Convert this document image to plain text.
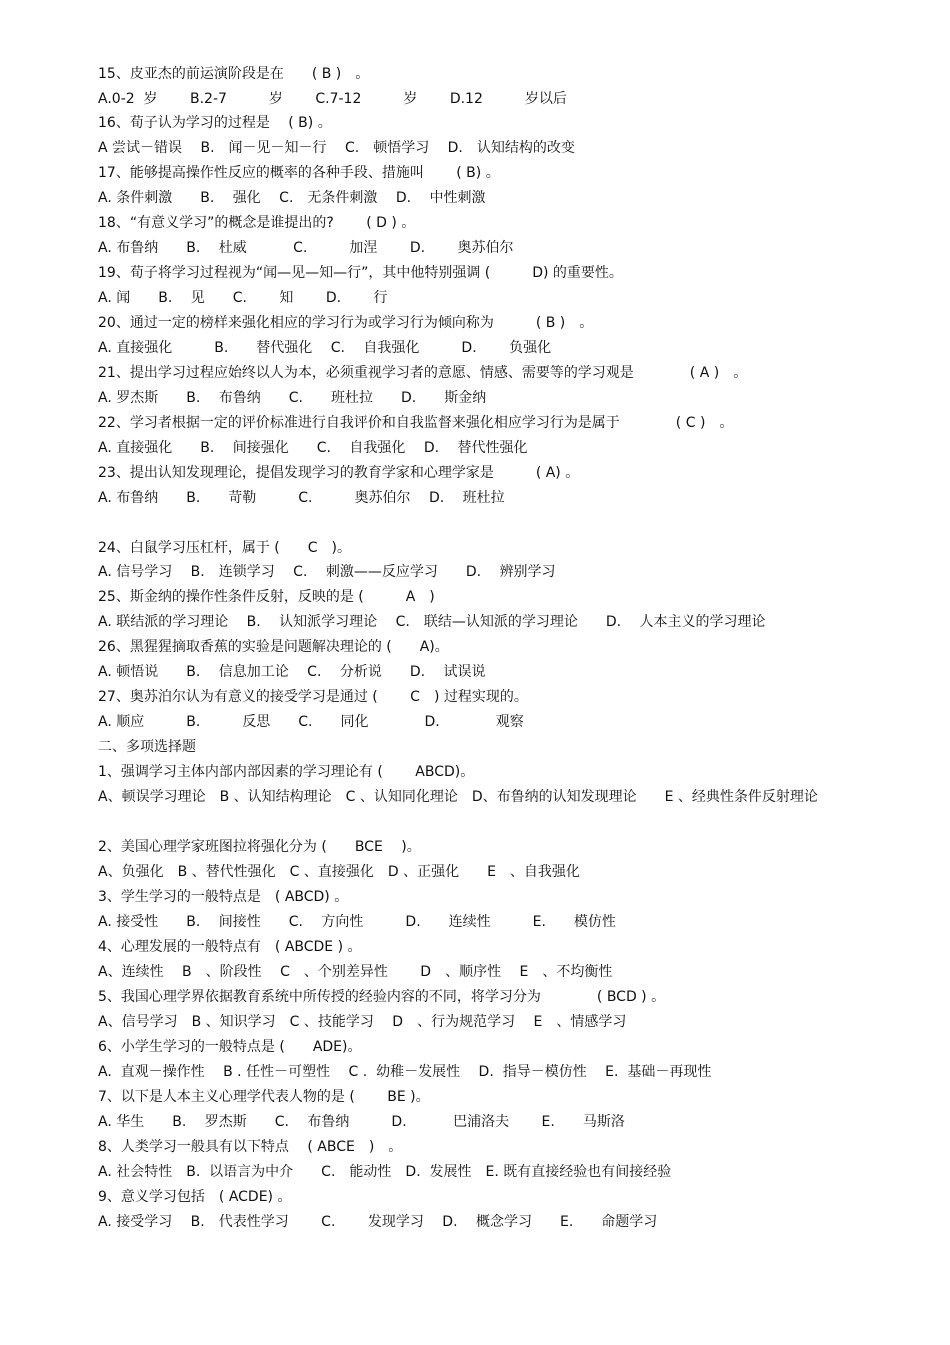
15、皮亚杰的前运演阶段是在　　( B )　。
A.0-2  岁　　 B.2-7　　　岁　　 C.7-12　　　岁　　 D.12　　　岁以后
16、荀子认为学习的过程是　 ( B) 。
A 尝试－错误　 B.　闻－见－知－行　 C.　顿悟学习　 D.　认知结构的改变
17、能够提高操作性反应的概率的各种手段、措施叫　　 ( B) 。
A. 条件刺激　　B.　 强化　 C.　无条件刺激　 D.　 中性刺激
18、“有意义学习”的概念是谁提出的?　　 ( D ) 。
A. 布鲁纳　　B.　 杜威　　　 C.　　　加涅　　 D.　　 奥苏伯尔
19、荀子将学习过程视为“闻—见—知—行”，其中他特别强调 (　　　D) 的重要性。
A. 闻　　B.　 见　　C.　　 知　　 D.　　 行
20、通过一定的榜样来强化相应的学习行为或学习行为倾向称为　　　( B )　。
A. 直接强化　　　B.　　替代强化　 C.　 自我强化　　　D.　　 负强化
21、提出学习过程应始终以人为本，必须重视学习者的意愿、情感、需要等的学习观是　　　　( A )　。
A. 罗杰斯　　B.　 布鲁纳　　C.　　班杜拉　　D.　　斯金纳
22、学习者根据一定的评价标准进行自我评价和自我监督来强化相应学习行为是属于　　　　( C )　。
A. 直接强化　　B.　 间接强化　　C.　 自我强化　 D.　 替代性强化
23、提出认知发现理论，提倡发现学习的教育学家和心理学家是　　　( A) 。
A. 布鲁纳　　B.　　苛勒　　　C.　　　奥苏伯尔　 D.　 班杜拉
24、白鼠学习压杠杆，属于 (　　C　)。
A. 信号学习　 B.　连锁学习　 C.　 刺激——反应学习　　D.　 辨别学习
25、斯金纳的操作性条件反射，反映的是 (　　　A　)
A. 联结派的学习理论　 B.　 认知派学习理论　 C.　联结—认知派的学习理论　　D.　 人本主义的学习理论
26、黑猩猩摘取香蕉的实验是问题解决理论的 (　　A)。
A. 顿悟说　　B.　 信息加工论　 C.　 分析说　　D.　 试误说
27、奥苏泊尔认为有意义的接受学习是通过 (　　 C　) 过程实现的。
A. 顺应　　　B.　　　反思　　C.　　同化　　　　D.　　　　观察
二、多项选择题
1、强调学习主体内部内部因素的学习理论有 (　　 ABCD)。
A、顿误学习理论　B 、认知结构理论　C 、认知同化理论　D、布鲁纳的认知发现理论　　E 、经典性条件反射理论
2、美国心理学家班图拉将强化分为 (　　BCE　 )。
A、负强化　B 、替代性强化　C 、直接强化　D 、正强化　　E　、自我强化
3、学生学习的一般特点是　( ABCD) 。
A. 接受性　　B.　 间接性　　C.　 方向性　　　D.　　连续性　　　E.　　模仿性
4、心理发展的一般特点有　( ABCDE ) 。
A、连续性　 B　、阶段性　 C　、个别差异性　　 D　、顺序性　 E　、不均衡性
5、我国心理学界依据教育系统中所传授的经验内容的不同，将学习分为　　　　( BCD ) 。
A、信号学习　B 、知识学习　C 、技能学习　 D　、行为规范学习　 E　、情感学习
6、小学生学习的一般特点是 (　　ADE)。
A.  直观－操作性　 B . 任性－可塑性　 C .  幼稚－发展性　 D.  指导－模仿性　 E.  基础－再现性
7、以下是人本主义心理学代表人物的是 (　　 BE )。
A. 华生　　B.　 罗杰斯　　C.　 布鲁纳　　　D.　　　 巴浦洛夫　　 E.　　马斯洛
8、人类学习一般具有以下特点　 ( ABCE　)　。
A. 社会特性　B.  以语言为中介　　C.　能动性　D.  发展性　E. 既有直接经验也有间接经验
9、意义学习包括　( ACDE) 。
A. 接受学习　 B.　代表性学习　　 C.　　 发现学习　 D.　 概念学习　　E.　　命题学习
